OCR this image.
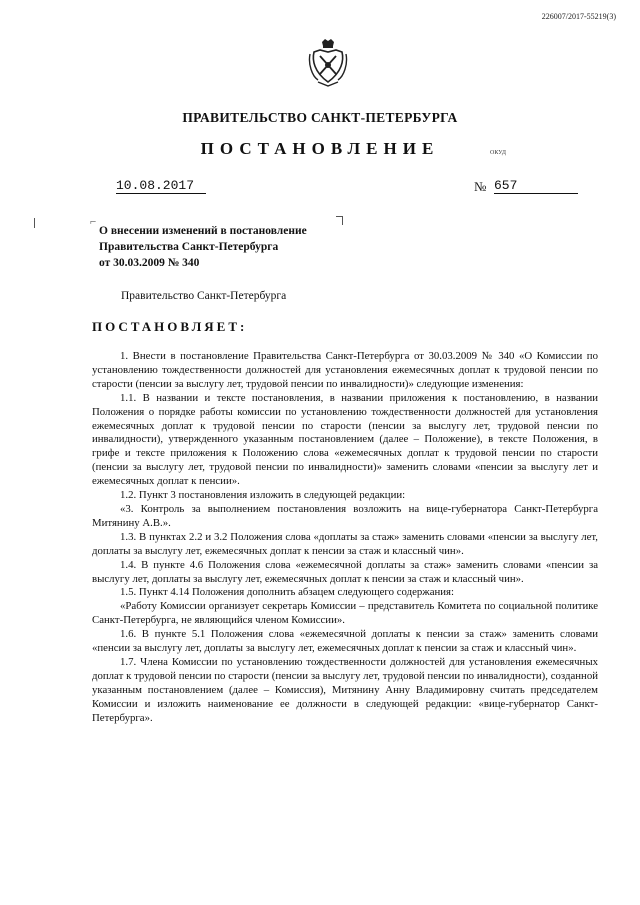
226007/2017-55219(3)
ПРАВИТЕЛЬСТВО САНКТ-ПЕТЕРБУРГА
ПОСТАНОВЛЕНИЕ	ОКУД
10.08.2017	№ 657
⌐
О внесении изменений в постановление
Правительства Санкт-Петербурга
от 30.03.2009 № 340
Правительство Санкт-Петербурга
ПОСТАНОВЛЯЕТ:

1. Внести в постановление Правительства Санкт-Петербурга от 30.03.2009 № 340 «О Комиссии по установлению тождественности должностей для установления ежемесячных доплат к трудовой пенсии по старости (пенсии за выслугу лет, трудовой пенсии по инвалидности)» следующие изменения:

1.1. В названии и тексте постановления, в названии приложения к постановлению, в названии Положения о порядке работы комиссии по установлению тождественности должностей для установления ежемесячных доплат к трудовой пенсии по старости (пенсии за выслугу лет, трудовой пенсии по инвалидности), утвержденного указанным постановлением (далее – Положение), в тексте Положения, в грифе и тексте приложения к Положению слова «ежемесячных доплат к трудовой пенсии по старости (пенсии за выслугу лет, трудовой пенсии по инвалидности)» заменить словами «пенсии за выслугу лет и ежемесячных доплат к пенсии».

1.2. Пункт 3 постановления изложить в следующей редакции:

«3. Контроль за выполнением постановления возложить на вице-губернатора Санкт-Петербурга Митянину А.В.».

1.3. В пунктах 2.2 и 3.2 Положения слова «доплаты за стаж» заменить словами «пенсии за выслугу лет, доплаты за выслугу лет, ежемесячных доплат к пенсии за стаж и классный чин».

1.4. В пункте 4.6 Положения слова «ежемесячной доплаты за стаж» заменить словами «пенсии за выслугу лет, доплаты за выслугу лет, ежемесячных доплат к пенсии за стаж и классный чин».

1.5. Пункт 4.14 Положения дополнить абзацем следующего содержания:

«Работу Комиссии организует секретарь Комиссии – представитель Комитета по социальной политике Санкт-Петербурга, не являющийся членом Комиссии».

1.6. В пункте 5.1 Положения слова «ежемесячной доплаты к пенсии за стаж» заменить словами «пенсии за выслугу лет, доплаты за выслугу лет, ежемесячных доплат к пенсии за стаж и классный чин».

1.7. Члена Комиссии по установлению тождественности должностей для установления ежемесячных доплат к трудовой пенсии по старости (пенсии за выслугу лет, трудовой пенсии по инвалидности), созданной указанным постановлением (далее – Комиссия), Митянину Анну Владимировну считать председателем Комиссии и изложить наименование ее должности в следующей редакции: «вице-губернатор Санкт-Петербурга».
